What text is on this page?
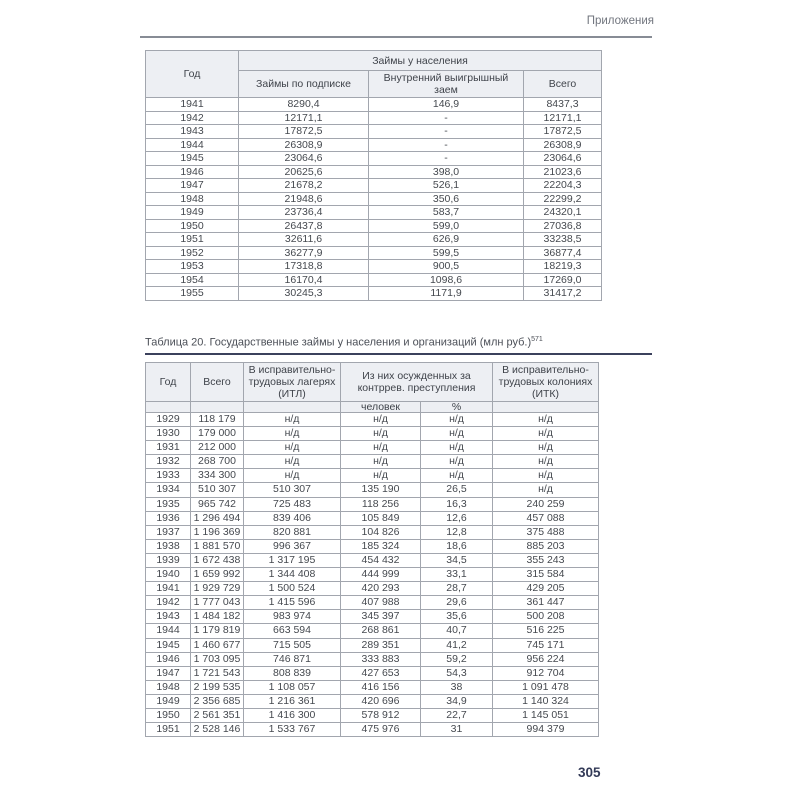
Приложения
Год	Займы у населения		
	Займы по подписке	Внутренний выигрышный заем	Всего
1941	8290,4	146,9	8437,3
1942	12171,1	-	12171,1
1943	17872,5	-	17872,5
1944	26308,9	-	26308,9
1945	23064,6	-	23064,6
1946	20625,6	398,0	21023,6
1947	21678,2	526,1	22204,3
1948	21948,6	350,6	22299,2
1949	23736,4	583,7	24320,1
1950	26437,8	599,0	27036,8
1951	32611,6	626,9	33238,5
1952	36277,9	599,5	36877,4
1953	17318,8	900,5	18219,3
1954	16170,4	1098,6	17269,0
1955	30245,3	1171,9	31417,2
Таблица 20. Государственные займы у населения и организаций (млн руб.)$^{571}$
Год	Всего	В исправительно-трудовых лагерях (ИТЛ)	Из них осужденных за контррев. преступления		В исправительно-трудовых колониях (ИТК)
			человек	%	
1929	118 179	н/д	н/д	н/д	н/д
1930	179 000	н/д	н/д	н/д	н/д
1931	212 000	н/д	н/д	н/д	н/д
1932	268 700	н/д	н/д	н/д	н/д
1933	334 300	н/д	н/д	н/д	н/д
1934	510 307	510 307	135 190	26,5	н/д
1935	965 742	725 483	118 256	16,3	240 259
1936	1 296 494	839 406	105 849	12,6	457 088
1937	1 196 369	820 881	104 826	12,8	375 488
1938	1 881 570	996 367	185 324	18,6	885 203
1939	1 672 438	1 317 195	454 432	34,5	355 243
1940	1 659 992	1 344 408	444 999	33,1	315 584
1941	1 929 729	1 500 524	420 293	28,7	429 205
1942	1 777 043	1 415 596	407 988	29,6	361 447
1943	1 484 182	983 974	345 397	35,6	500 208
1944	1 179 819	663 594	268 861	40,7	516 225
1945	1 460 677	715 505	289 351	41,2	745 171
1946	1 703 095	746 871	333 883	59,2	956 224
1947	1 721 543	808 839	427 653	54,3	912 704
1948	2 199 535	1 108 057	416 156	38	1 091 478
1949	2 356 685	1 216 361	420 696	34,9	1 140 324
1950	2 561 351	1 416 300	578 912	22,7	1 145 051
1951	2 528 146	1 533 767	475 976	31	994 379
305
